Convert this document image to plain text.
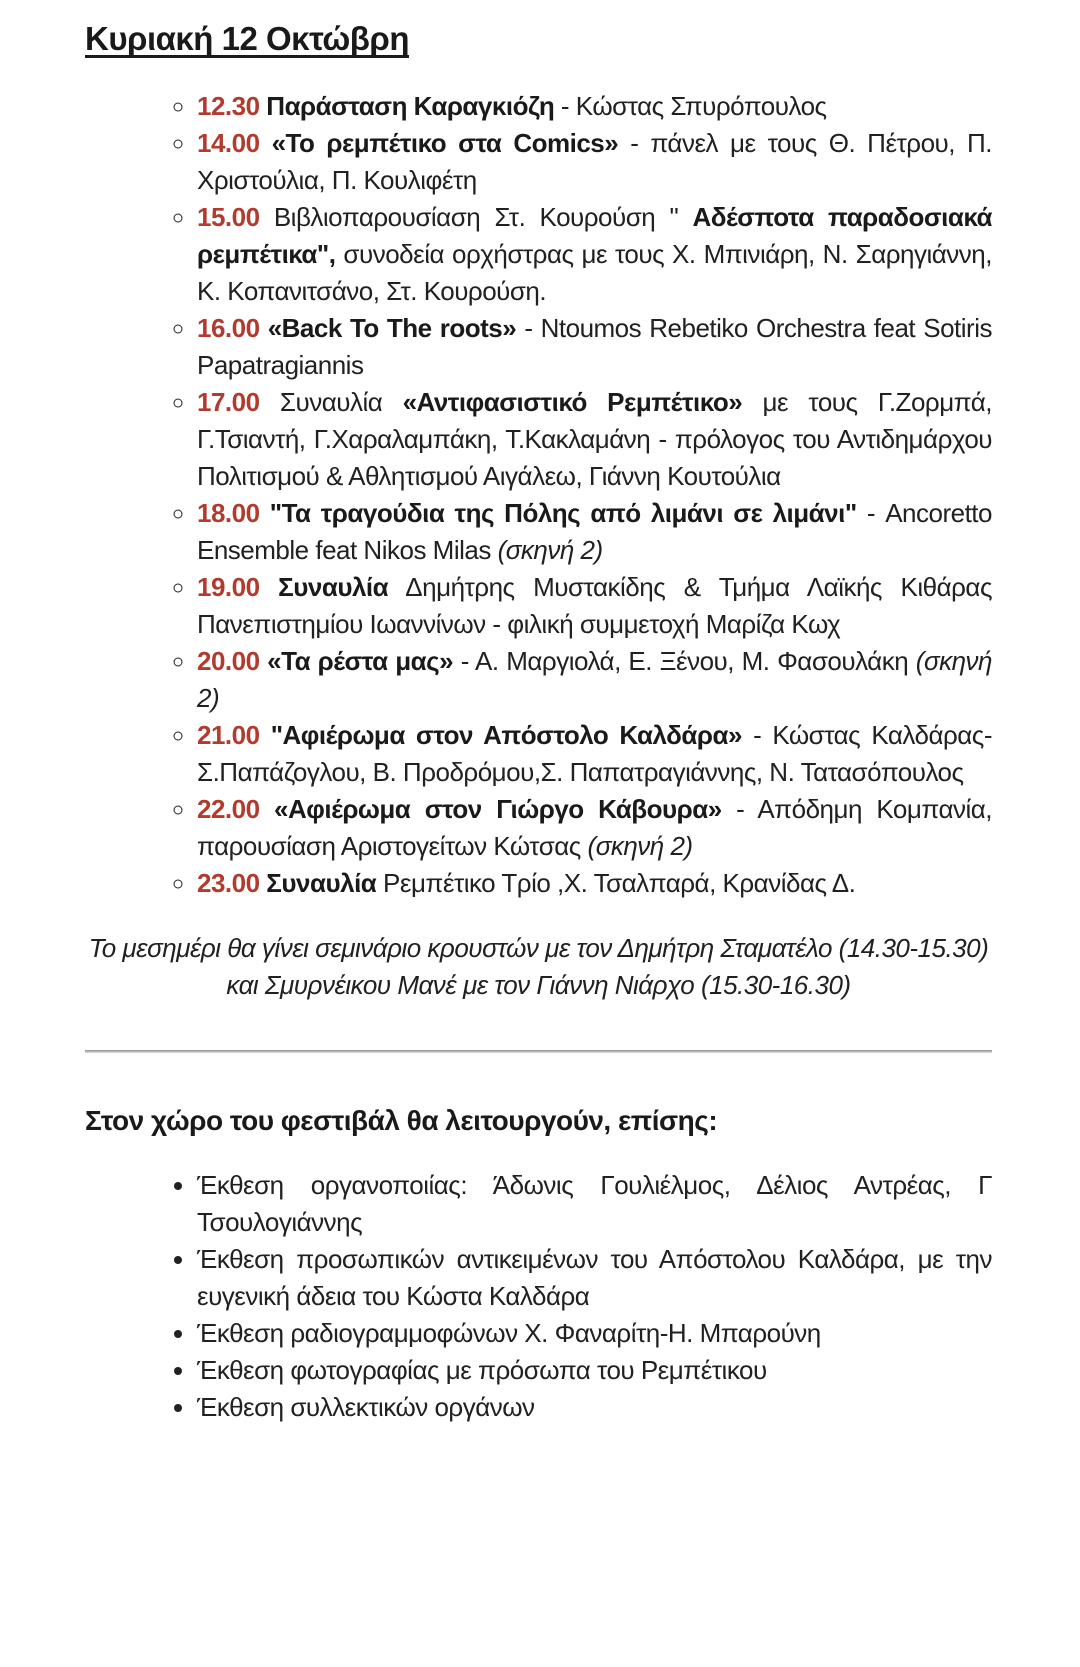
Κυριακή 12 Οκτώβρη
◦ 12.30 Παράσταση Καραγκιόζη - Κώστας Σπυρόπουλος
◦ 14.00 «Το ρεμπέτικο στα Comics» - πάνελ με τους Θ. Πέτρου, Π. Χριστούλια, Π. Κουλιφέτη
◦ 15.00 Βιβλιοπαρουσίαση Στ. Κουρούση " Αδέσποτα παραδοσιακά ρεμπέτικα", συνοδεία ορχήστρας με τους Χ. Μπινιάρη, Ν. Σαρηγιάννη, Κ. Κοπανιτσάνο, Στ. Κουρούση.
◦ 16.00 «Back To The roots» - Ntoumos Rebetiko Orchestra feat Sotiris Papatragiannis
◦ 17.00 Συναυλία «Αντιφασιστικό Ρεμπέτικο» με τους Γ.Ζορμπά, Γ.Τσιαντή, Γ.Χαραλαμπάκη, Τ.Κακλαμάνη - πρόλογος του Αντιδημάρχου Πολιτισμού & Αθλητισμού Αιγάλεω, Γιάννη Κουτούλια
◦ 18.00 "Τα τραγούδια της Πόλης από λιμάνι σε λιμάνι" - Ancoretto Ensemble feat Nikos Milas (σκηνή 2)
◦ 19.00 Συναυλία Δημήτρης Μυστακίδης & Τμήμα Λαϊκής Κιθάρας Πανεπιστημίου Ιωαννίνων - φιλική συμμετοχή Μαρίζα Κωχ
◦ 20.00 «Τα ρέστα μας» - Α. Μαργιολά, Ε. Ξένου, Μ. Φασουλάκη (σκηνή 2)
◦ 21.00 "Αφιέρωμα στον Απόστολο Καλδάρα» - Κώστας Καλδάρας- Σ.Παπάζογλου, Β. Προδρόμου,Σ. Παπατραγιάννης, Ν. Τατασόπουλος
◦ 22.00 «Αφιέρωμα στον Γιώργο Κάβουρα» - Απόδημη Κομπανία, παρουσίαση Αριστογείτων Κώτσας (σκηνή 2)
◦ 23.00 Συναυλία Ρεμπέτικο Τρίο ,Χ. Τσαλπαρά, Κρανίδας Δ.
Το μεσημέρι θα γίνει σεμινάριο κρουστών με τον Δημήτρη Σταματέλο (14.30-15.30)
και Σμυρνέικου Μανέ με τον Γιάννη Νιάρχο (15.30-16.30)
Στον χώρο του φεστιβάλ θα λειτουργούν, επίσης:
• Έκθεση οργανοποιίας: Άδωνις Γουλιέλμος, Δέλιος Αντρέας, Γ Τσουλογιάννης
• Έκθεση προσωπικών αντικειμένων του Απόστολου Καλδάρα, με την ευγενική άδεια του Κώστα Καλδάρα
• Έκθεση ραδιογραμμοφώνων Χ. Φαναρίτη-Η. Μπαρούνη
• Έκθεση φωτογραφίας με πρόσωπα του Ρεμπέτικου
• Έκθεση συλλεκτικών οργάνων
